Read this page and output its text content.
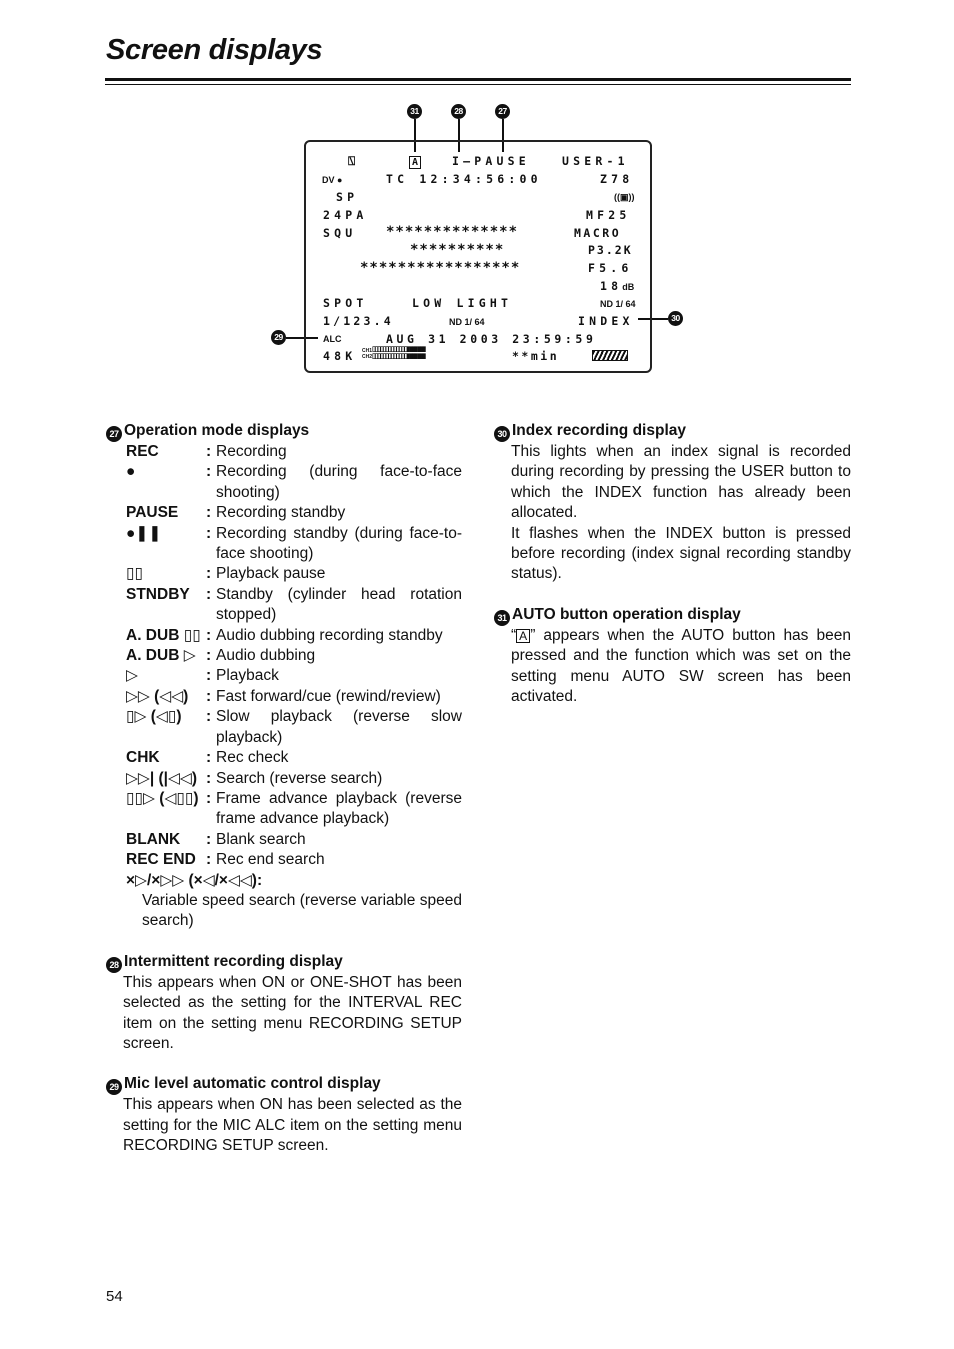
Screen displays
31	28	27
29
30
⍂	A	I–PAUSE	USER-1
DV ●	TC 12:34:56:00	Z78
SP	((▣))
24PA	MF25
SQU **************	MACRO
**********	P3.2K
*****************	F5.6
18dB
SPOT	LOW LIGHT	ND 1/ 64
1/123.4	ND 1/ 64	INDEX
ALC	AUG 31 2003 23:59:59
48K CH1
CH2
▯▯▯▯▯▯▯▯▯▯▯▯▯▮▮▮▮▮▮▮
▯▯▯▯▯▯▯▯▯▯▯▯▯▮▮▮▮▮▮▮	**min
27 Operation mode displays
REC	: Recording
●	: Recording (during face-to-face shooting)
PAUSE	: Recording standby
●❚❚	: Recording standby (during face-to-face shooting)
▯▯	: Playback pause
STNDBY	: Standby (cylinder head rotation stopped)
A. DUB ▯▯ : Audio dubbing recording standby
A. DUB ▷ : Audio dubbing
▷	: Playback
▷▷ (◁◁)	: Fast forward/cue (rewind/review)
▯▷ (◁▯)	: Slow playback (reverse slow playback)
CHK	: Rec check
▷▷| (|◁◁) : Search (reverse search)
▯▯▷ (◁▯▯) : Frame advance playback (reverse frame advance playback)
BLANK	: Blank search
REC END : Rec end search
×▷/×▷▷ (×◁/×◁◁):
Variable speed search (reverse variable speed search)
28 Intermittent recording display
This appears when ON or ONE-SHOT has been selected as the setting for the INTERVAL REC item on the setting menu RECORDING SETUP screen.
29 Mic level automatic control display
This appears when ON has been selected as the setting for the MIC ALC item on the setting menu RECORDING SETUP screen.
30 Index recording display
This lights when an index signal is recorded during recording by pressing the USER button to which the INDEX function has already been allocated.
It flashes when the INDEX button is pressed before recording (index signal recording standby status).
31 AUTO button operation display
“ A ” appears when the AUTO button has been pressed and the function which was set on the setting menu AUTO SW screen has been activated.
54
